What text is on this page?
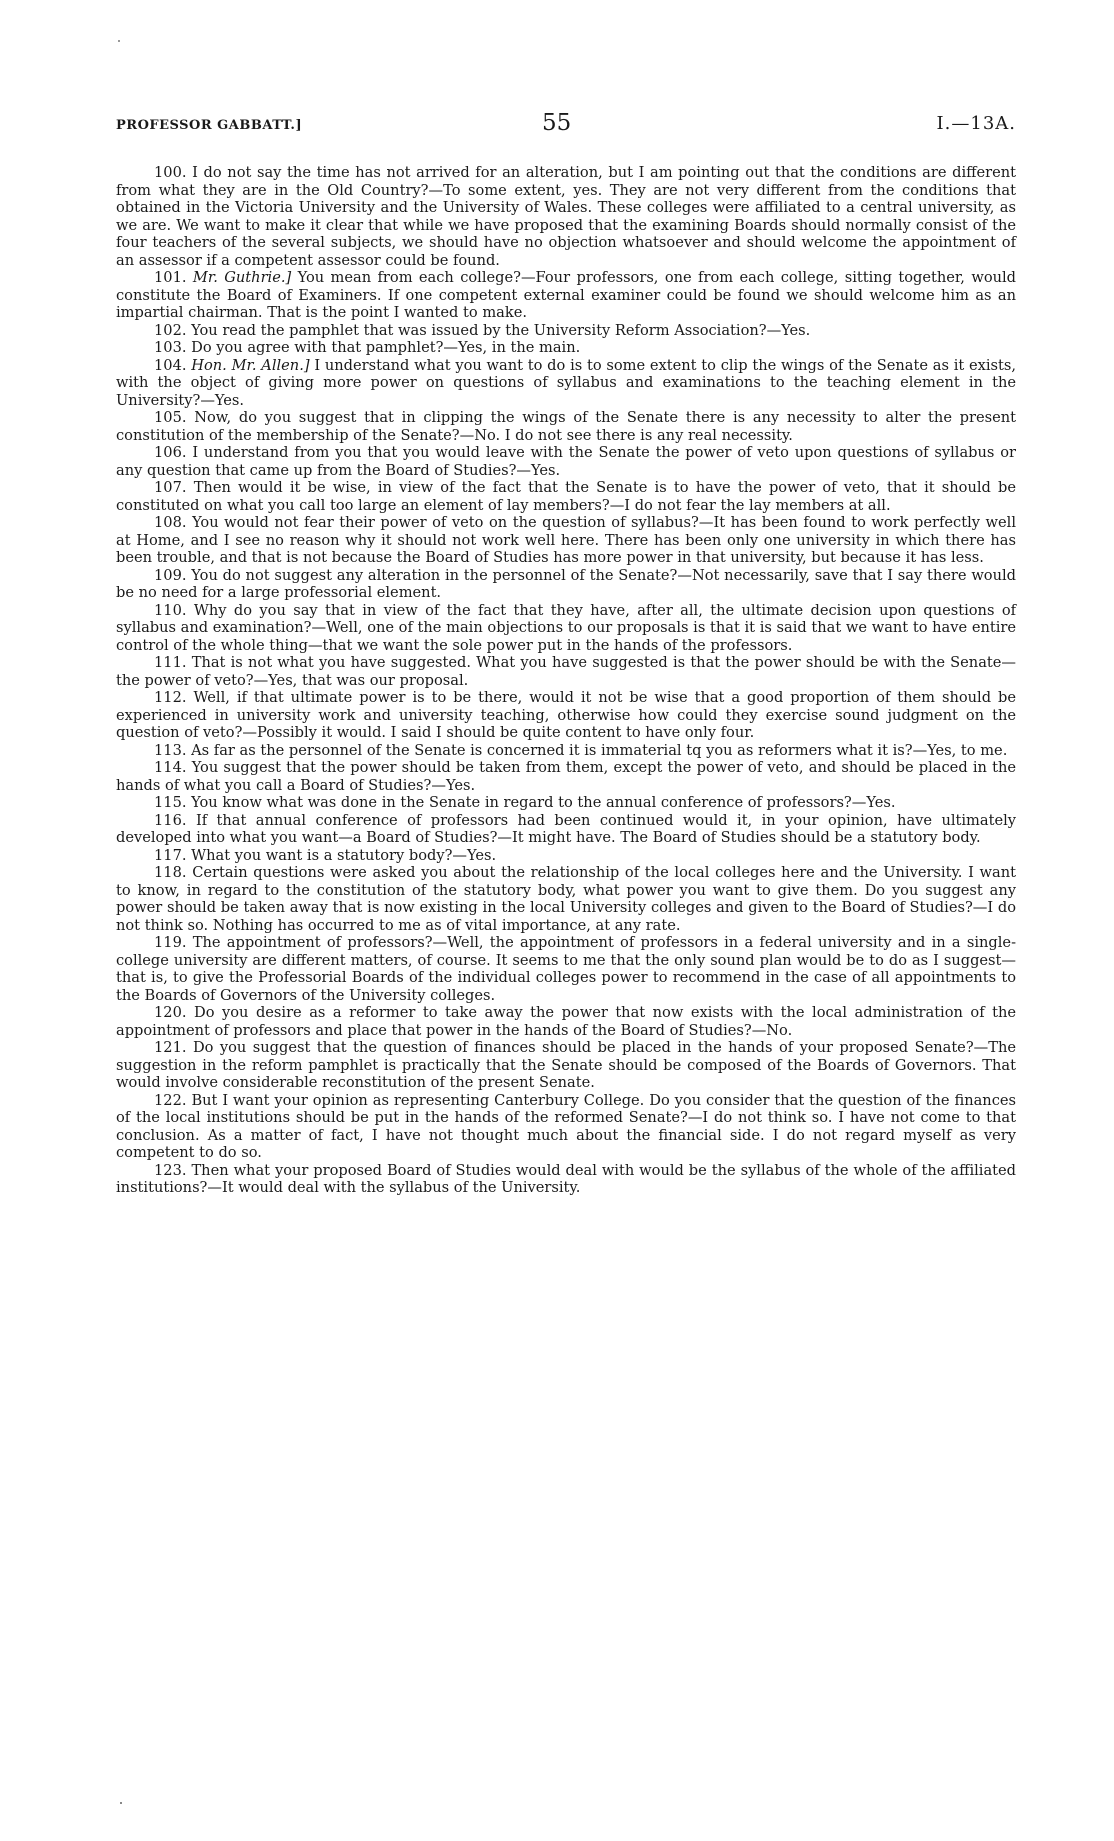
PROFESSOR GABBATT.]	55	I.—13A.

100. I do not say the time has not arrived for an alteration, but I am pointing out that the conditions are different from what they are in the Old Country?—To some extent, yes. They are not very different from the conditions that obtained in the Victoria University and the University of Wales. These colleges were affiliated to a central university, as we are. We want to make it clear that while we have proposed that the examining Boards should normally consist of the four teachers of the several subjects, we should have no objection whatsoever and should welcome the appointment of an assessor if a competent assessor could be found.

101. Mr. Guthrie.] You mean from each college?—Four professors, one from each college, sitting together, would constitute the Board of Examiners. If one competent external examiner could be found we should welcome him as an impartial chairman. That is the point I wanted to make.

102. You read the pamphlet that was issued by the University Reform Association?—Yes.

103. Do you agree with that pamphlet?—Yes, in the main.

104. Hon. Mr. Allen.] I understand what you want to do is to some extent to clip the wings of the Senate as it exists, with the object of giving more power on questions of syllabus and examinations to the teaching element in the University?—Yes.

105. Now, do you suggest that in clipping the wings of the Senate there is any necessity to alter the present constitution of the membership of the Senate?—No. I do not see there is any real necessity.

106. I understand from you that you would leave with the Senate the power of veto upon questions of syllabus or any question that came up from the Board of Studies?—Yes.

107. Then would it be wise, in view of the fact that the Senate is to have the power of veto, that it should be constituted on what you call too large an element of lay members?—I do not fear the lay members at all.

108. You would not fear their power of veto on the question of syllabus?—It has been found to work perfectly well at Home, and I see no reason why it should not work well here. There has been only one university in which there has been trouble, and that is not because the Board of Studies has more power in that university, but because it has less.

109. You do not suggest any alteration in the personnel of the Senate?—Not necessarily, save that I say there would be no need for a large professorial element.

110. Why do you say that in view of the fact that they have, after all, the ultimate decision upon questions of syllabus and examination?—Well, one of the main objections to our proposals is that it is said that we want to have entire control of the whole thing—that we want the sole power put in the hands of the professors.

111. That is not what you have suggested. What you have suggested is that the power should be with the Senate—the power of veto?—Yes, that was our proposal.

112. Well, if that ultimate power is to be there, would it not be wise that a good proportion of them should be experienced in university work and university teaching, otherwise how could they exercise sound judgment on the question of veto?—Possibly it would. I said I should be quite content to have only four.

113. As far as the personnel of the Senate is concerned it is immaterial tq you as reformers what it is?—Yes, to me.

114. You suggest that the power should be taken from them, except the power of veto, and should be placed in the hands of what you call a Board of Studies?—Yes.

115. You know what was done in the Senate in regard to the annual conference of professors?—Yes.

116. If that annual conference of professors had been continued would it, in your opinion, have ultimately developed into what you want—a Board of Studies?—It might have. The Board of Studies should be a statutory body.

117. What you want is a statutory body?—Yes.

118. Certain questions were asked you about the relationship of the local colleges here and the University. I want to know, in regard to the constitution of the statutory body, what power you want to give them. Do you suggest any power should be taken away that is now existing in the local University colleges and given to the Board of Studies?—I do not think so. Nothing has occurred to me as of vital importance, at any rate.

119. The appointment of professors?—Well, the appointment of professors in a federal university and in a single-college university are different matters, of course. It seems to me that the only sound plan would be to do as I suggest—that is, to give the Professorial Boards of the individual colleges power to recommend in the case of all appointments to the Boards of Governors of the University colleges.

120. Do you desire as a reformer to take away the power that now exists with the local administration of the appointment of professors and place that power in the hands of the Board of Studies?—No.

121. Do you suggest that the question of finances should be placed in the hands of your proposed Senate?—The suggestion in the reform pamphlet is practically that the Senate should be composed of the Boards of Governors. That would involve considerable reconstitution of the present Senate.

122. But I want your opinion as representing Canterbury College. Do you consider that the question of the finances of the local institutions should be put in the hands of the reformed Senate?—I do not think so. I have not come to that conclusion. As a matter of fact, I have not thought much about the financial side. I do not regard myself as very competent to do so.

123. Then what your proposed Board of Studies would deal with would be the syllabus of the whole of the affiliated institutions?—It would deal with the syllabus of the University.
